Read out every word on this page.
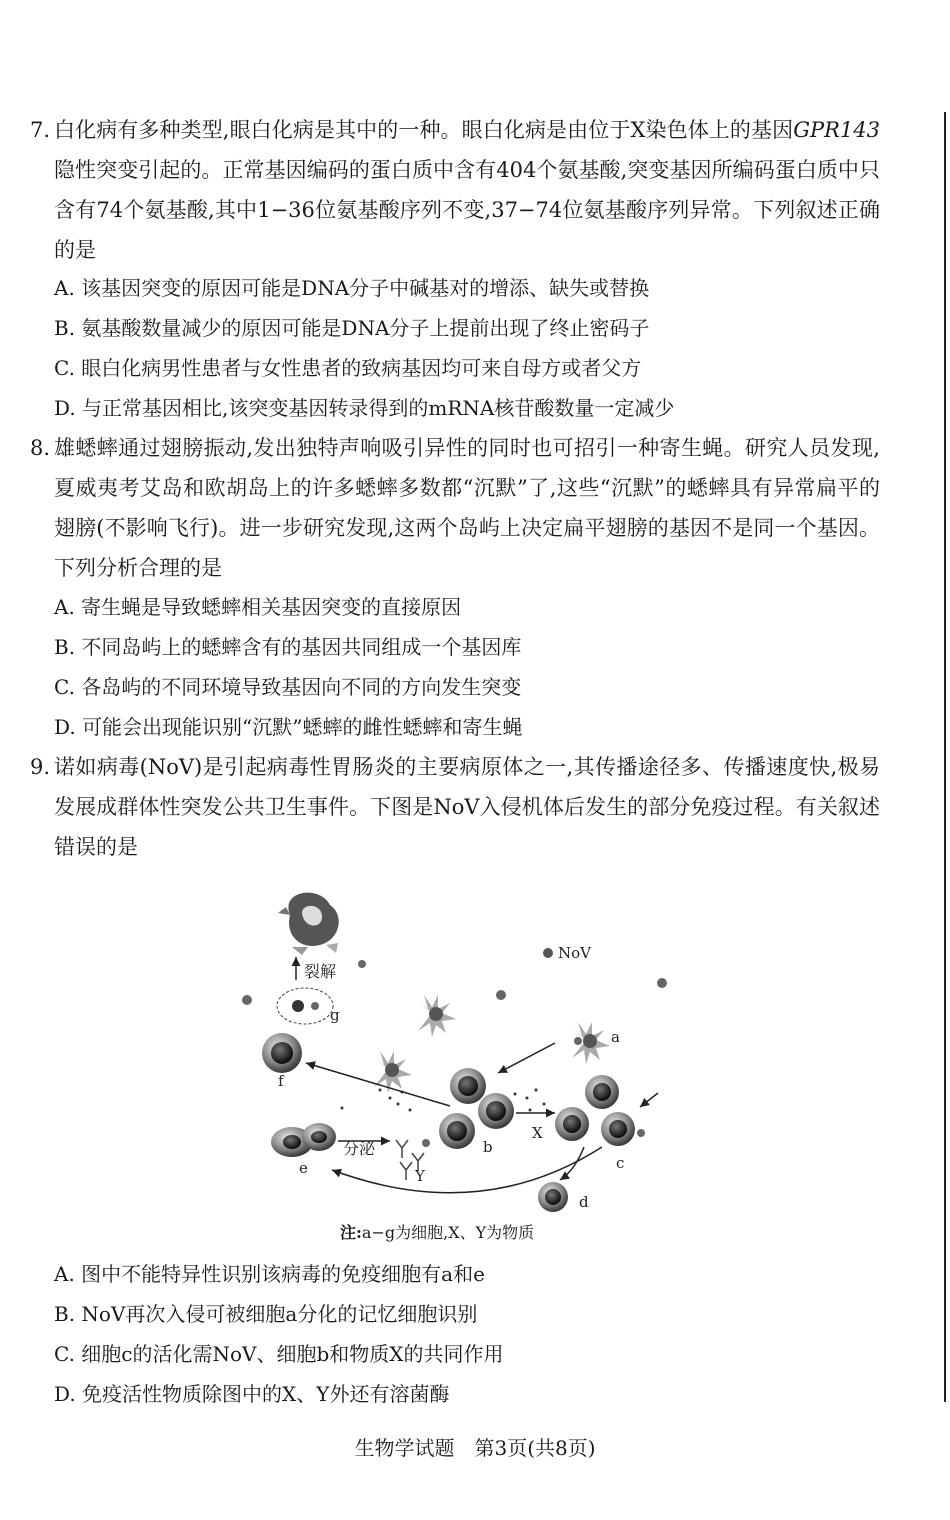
7. 白化病有多种类型,眼白化病是其中的一种。眼白化病是由位于X染色体上的基因GPR143隐性突变引起的。正常基因编码的蛋白质中含有404个氨基酸,突变基因所编码蛋白质中只含有74个氨基酸,其中1−36位氨基酸序列不变,37−74位氨基酸序列异常。下列叙述正确的是
A. 该基因突变的原因可能是DNA分子中碱基对的增添、缺失或替换
B. 氨基酸数量减少的原因可能是DNA分子上提前出现了终止密码子
C. 眼白化病男性患者与女性患者的致病基因均可来自母方或者父方
D. 与正常基因相比,该突变基因转录得到的mRNA核苷酸数量一定减少
8. 雄蟋蟀通过翅膀振动,发出独特声响吸引异性的同时也可招引一种寄生蝇。研究人员发现,夏威夷考艾岛和欧胡岛上的许多蟋蟀多数都“沉默”了,这些“沉默”的蟋蟀具有异常扁平的翅膀(不影响飞行)。进一步研究发现,这两个岛屿上决定扁平翅膀的基因不是同一个基因。下列分析合理的是
A. 寄生蝇是导致蟋蟀相关基因突变的直接原因
B. 不同岛屿上的蟋蟀含有的基因共同组成一个基因库
C. 各岛屿的不同环境导致基因向不同的方向发生突变
D. 可能会出现能识别“沉默”蟋蟀的雌性蟋蟀和寄生蝇
9. 诺如病毒(NoV)是引起病毒性胃肠炎的主要病原体之一,其传播途径多、传播速度快,极易发展成群体性突发公共卫生事件。下图是NoV入侵机体后发生的部分免疫过程。有关叙述错误的是
裂解
NoV
g
f
a
b
c
d
e	Y
分泌
X
注:a−g为细胞,X、Y为物质
A. 图中不能特异性识别该病毒的免疫细胞有a和e
B. NoV再次入侵可被细胞a分化的记忆细胞识别
C. 细胞c的活化需NoV、细胞b和物质X的共同作用
D. 免疫活性物质除图中的X、Y外还有溶菌酶
生物学试题　第3页(共8页)
